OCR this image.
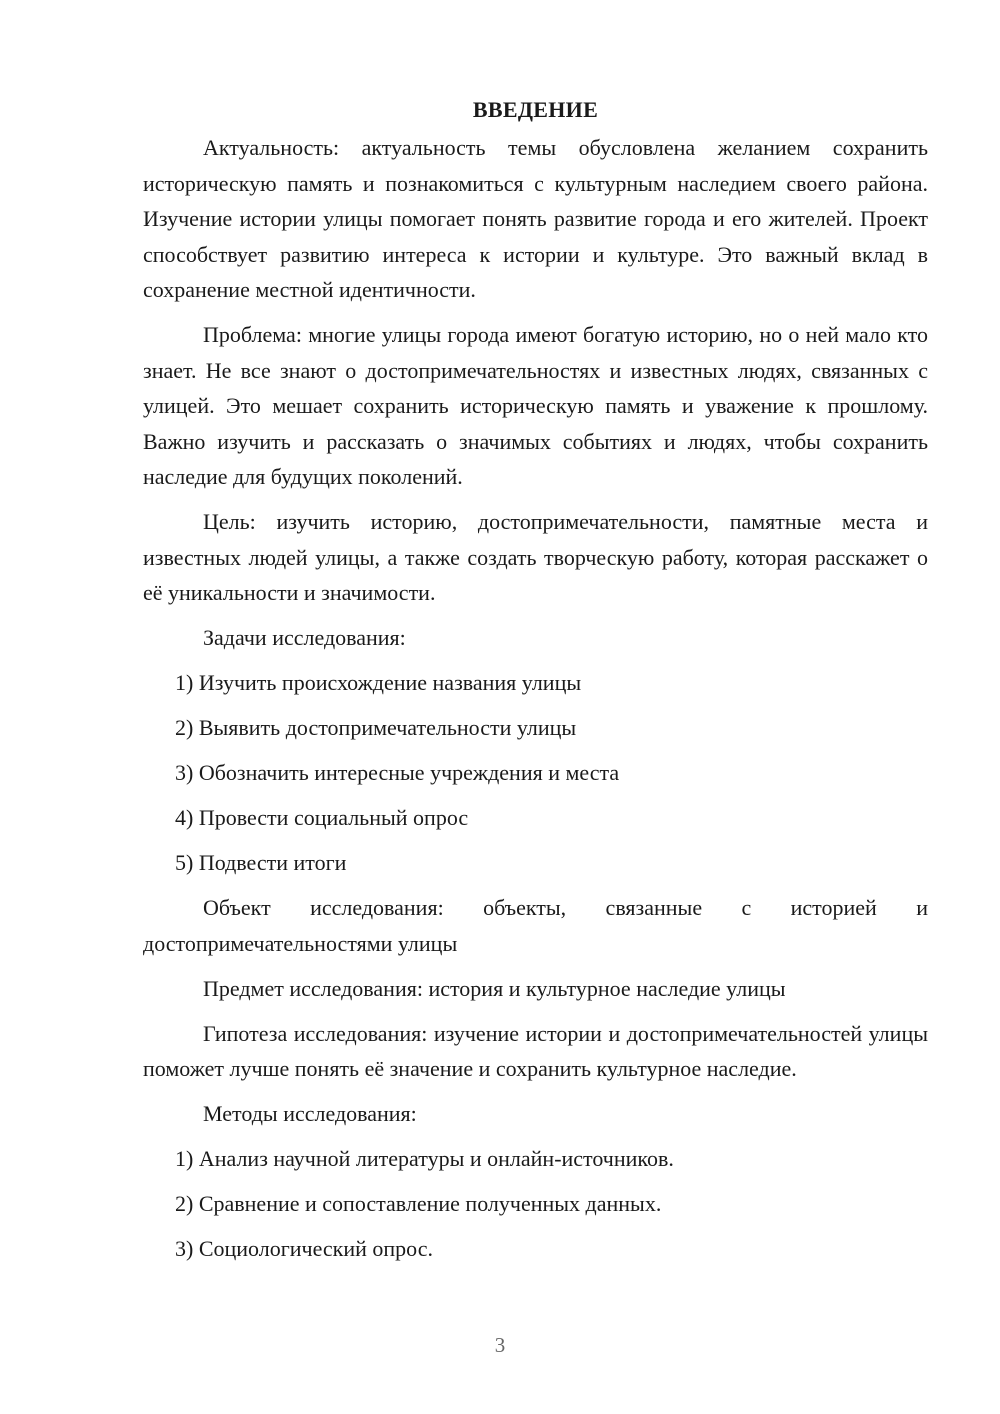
ВВЕДЕНИЕ

Актуальность: актуальность темы обусловлена желанием сохранить историческую память и познакомиться с культурным наследием своего района. Изучение истории улицы помогает понять развитие города и его жителей. Проект способствует развитию интереса к истории и культуре. Это важный вклад в сохранение местной идентичности.

Проблема: многие улицы города имеют богатую историю, но о ней мало кто знает. Не все знают о достопримечательностях и известных людях, связанных с улицей. Это мешает сохранить историческую память и уважение к прошлому. Важно изучить и рассказать о значимых событиях и людях, чтобы сохранить наследие для будущих поколений.

Цель: изучить историю, достопримечательности, памятные места и известных людей улицы, а также создать творческую работу, которая расскажет о её уникальности и значимости.

Задачи исследования:

1) Изучить происхождение названия улицы
2) Выявить достопримечательности улицы
3) Обозначить интересные учреждения и места
4) Провести социальный опрос
5) Подвести итоги

Объект исследования: объекты, связанные с историей и достопримечательностями улицы

Предмет исследования: история и культурное наследие улицы

Гипотеза исследования: изучение истории и достопримечательностей улицы поможет лучше понять её значение и сохранить культурное наследие.

Методы исследования:

1) Анализ научной литературы и онлайн-источников.
2) Сравнение и сопоставление полученных данных.
3) Социологический опрос.
3
